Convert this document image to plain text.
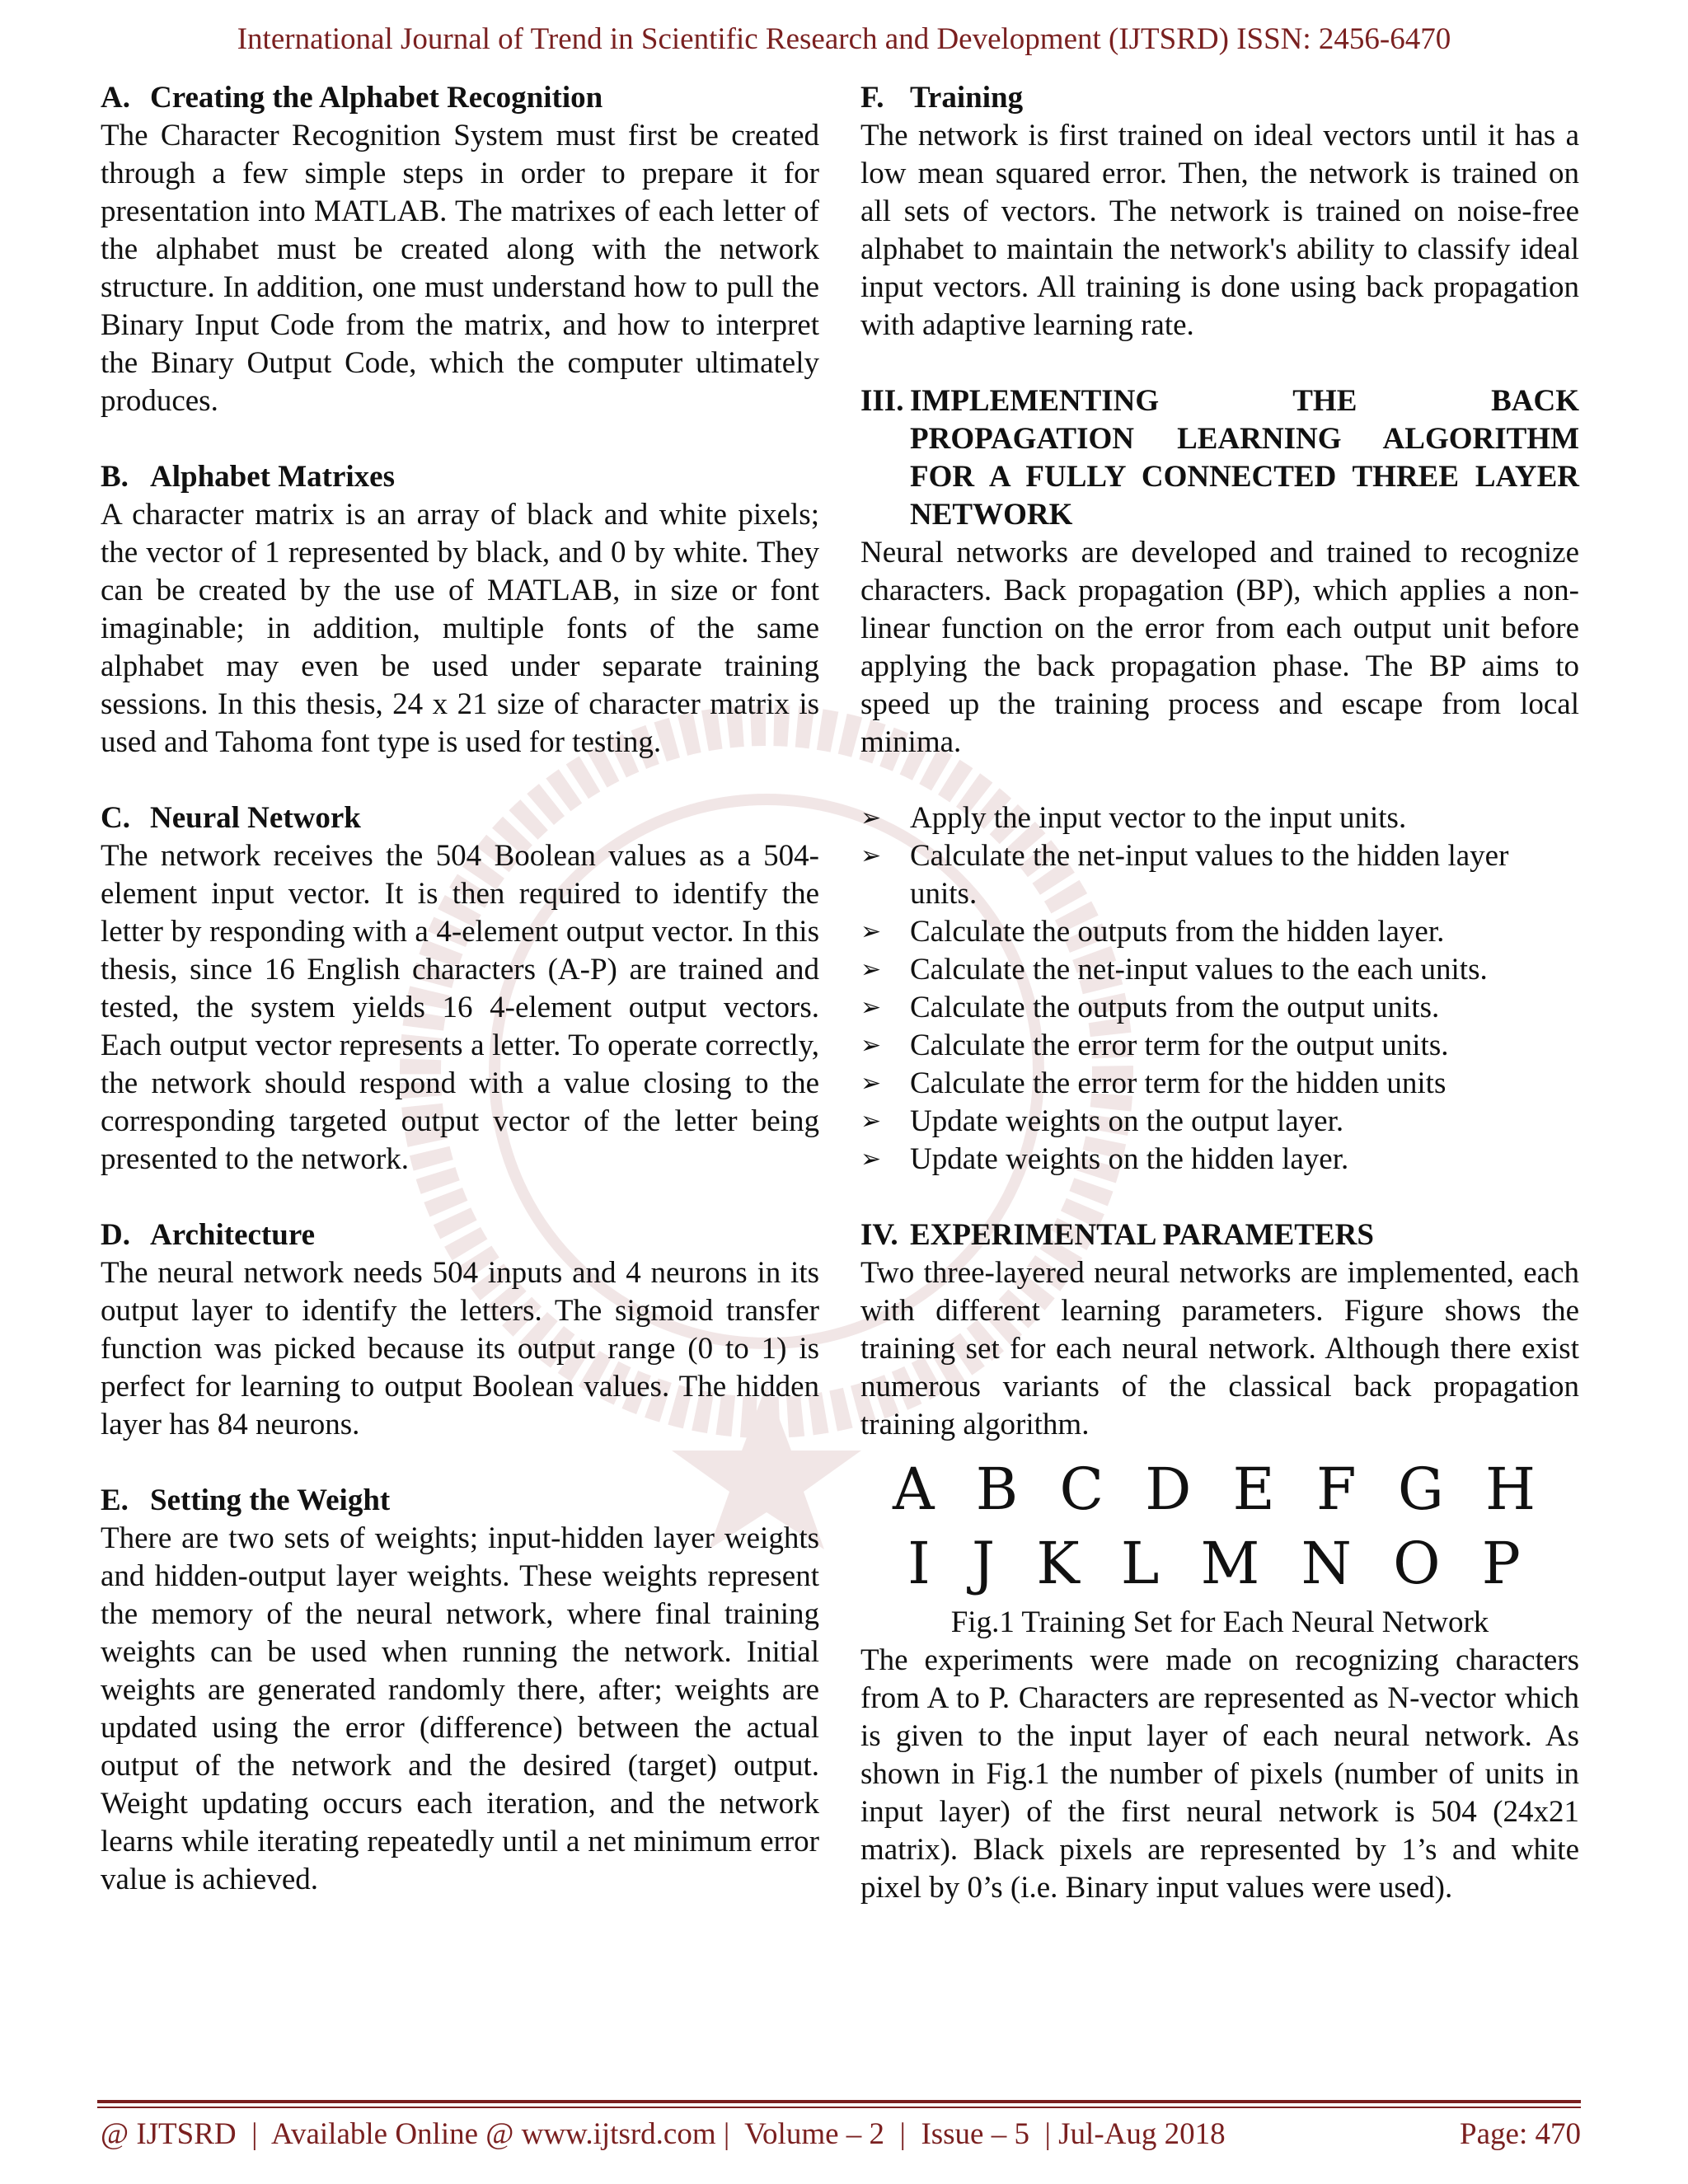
International Journal of Trend in Scientific Research and Development (IJTSRD) ISSN: 2456-6470

A. Creating the Alphabet Recognition

The Character Recognition System must first be created through a few simple steps in order to prepare it for presentation into MATLAB. The matrixes of each letter of the alphabet must be created along with the network structure. In addition, one must understand how to pull the Binary Input Code from the matrix, and how to interpret the Binary Output Code, which the computer ultimately produces.

B. Alphabet Matrixes

A character matrix is an array of black and white pixels; the vector of 1 represented by black, and 0 by white. They can be created by the use of MATLAB, in size or font imaginable; in addition, multiple fonts of the same alphabet may even be used under separate training sessions. In this thesis, 24 x 21 size of character matrix is used and Tahoma font type is used for testing.

C. Neural Network

The network receives the 504 Boolean values as a 504-element input vector. It is then required to identify the letter by responding with a 4-element output vector. In this thesis, since 16 English characters (A-P) are trained and tested, the system yields 16 4-element output vectors. Each output vector represents a letter. To operate correctly, the network should respond with a value closing to the corresponding targeted output vector of the letter being presented to the network.

D. Architecture

The neural network needs 504 inputs and 4 neurons in its output layer to identify the letters. The sigmoid transfer function was picked because its output range (0 to 1) is perfect for learning to output Boolean values. The hidden layer has 84 neurons.

E. Setting the Weight

There are two sets of weights; input-hidden layer weights and hidden-output layer weights. These weights represent the memory of the neural network, where final training weights can be used when running the network. Initial weights are generated randomly there, after; weights are updated using the error (difference) between the actual output of the network and the desired (target) output. Weight updating occurs each iteration, and the network learns while iterating repeatedly until a net minimum error value is achieved.

F. Training

The network is first trained on ideal vectors until it has a low mean squared error. Then, the network is trained on all sets of vectors. The network is trained on noise-free alphabet to maintain the network's ability to classify ideal input vectors. All training is done using back propagation with adaptive learning rate.

III. IMPLEMENTING THE BACK
PROPAGATION LEARNING ALGORITHM FOR A FULLY CONNECTED THREE LAYER NETWORK

Neural networks are developed and trained to recognize characters. Back propagation (BP), which applies a non-linear function on the error from each output unit before applying the back propagation phase. The BP aims to speed up the training process and escape from local minima.

➢ Apply the input vector to the input units.
➢ Calculate the net-input values to the hidden layer units.
➢ Calculate the outputs from the hidden layer.
➢ Calculate the net-input values to the each units.
➢ Calculate the outputs from the output units.
➢ Calculate the error term for the output units.
➢ Calculate the error term for the hidden units
➢ Update weights on the output layer.
➢ Update weights on the hidden layer.
IV. EXPERIMENTAL PARAMETERS

Two three-layered neural networks are implemented, each with different learning parameters. Figure shows the training set for each neural network. Although there exist numerous variants of the classical back propagation training algorithm.

A B C D E F G H
I J K L M N O P

Fig.1 Training Set for Each Neural Network

The experiments were made on recognizing characters from A to P. Characters are represented as N-vector which is given to the input layer of each neural network. As shown in Fig.1 the number of pixels (number of units in input layer) of the first neural network is 504 (24x21 matrix). Black pixels are represented by 1’s and white pixel by 0’s (i.e. Binary input values were used).

@ IJTSRD  |  Available Online @ www.ijtsrd.com |  Volume – 2  |  Issue – 5  | Jul-Aug 2018	Page: 470
